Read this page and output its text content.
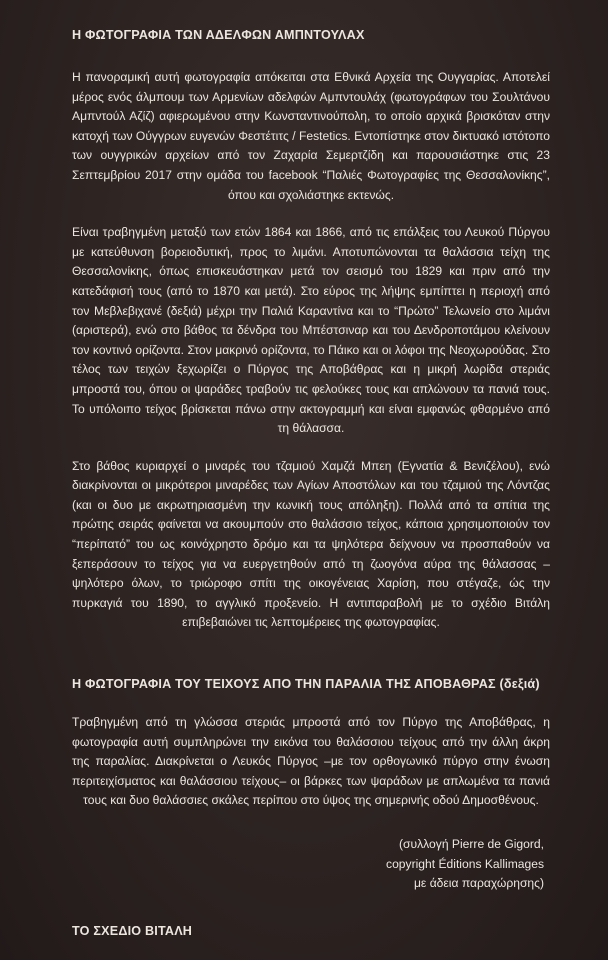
Η ΦΩΤΟΓΡΑΦΙΑ ΤΩΝ ΑΔΕΛΦΩΝ ΑΜΠΝΤΟΥΛΑΧ

Η πανοραμική αυτή φωτογραφία απόκειται στα Εθνικά Αρχεία της Ουγγαρίας. Αποτελεί μέρος ενός άλμπουμ των Αρμενίων αδελφών Αμπντουλάχ (φωτογράφων του Σουλτάνου Αμπντούλ Αζίζ) αφιερωμένου στην Κωνσταντινούπολη, το οποίο αρχικά βρισκόταν στην κατοχή των Ούγγρων ευγενών Φεστέτιτς / Festetics. Εντοπίστηκε στον δικτυακό ιστότοπο των ουγγρικών αρχείων από τον Ζαχαρία Σεμερτζίδη και παρουσιάστηκε στις 23 Σεπτεμβρίου 2017 στην ομάδα του facebook “Παλιές Φωτογραφίες της Θεσσαλονίκης”, όπου και σχολιάστηκε εκτενώς.

Είναι τραβηγμένη μεταξύ των ετών 1864 και 1866, από τις επάλξεις του Λευκού Πύργου με κατεύθυνση βορειοδυτική, προς το λιμάνι. Αποτυπώνονται τα θαλάσσια τείχη της Θεσσαλονίκης, όπως επισκευάστηκαν μετά τον σεισμό του 1829 και πριν από την κατεδάφισή τους (από το 1870 και μετά). Στο εύρος της λήψης εμπίπτει η περιοχή από τον Μεβλεβιχανέ (δεξιά) μέχρι την Παλιά Καραντίνα και το “Πρώτο” Τελωνείο στο λιμάνι (αριστερά), ενώ στο βάθος τα δένδρα του Μπέστσιναρ και του Δενδροποτάμου κλείνουν τον κοντινό ορίζοντα. Στον μακρινό ορίζοντα, το Πάικο και οι λόφοι της Νεοχωρούδας. Στο τέλος των τειχών ξεχωρίζει ο Πύργος της Αποβάθρας και η μικρή λωρίδα στεριάς μπροστά του, όπου οι ψαράδες τραβούν τις φελούκες τους και απλώνουν τα πανιά τους. Το υπόλοιπο τείχος βρίσκεται πάνω στην ακτογραμμή και είναι εμφανώς φθαρμένο από τη θάλασσα.

Στο βάθος κυριαρχεί ο μιναρές του τζαμιού Χαμζά Μπεη (Εγνατία & Βενιζέλου), ενώ διακρίνονται οι μικρότεροι μιναρέδες των Αγίων Αποστόλων και του τζαμιού της Λόντζας (και οι δυο με ακρωτηριασμένη την κωνική τους απόληξη). Πολλά από τα σπίτια της πρώτης σειράς φαίνεται να ακουμπούν στο θαλάσσιο τείχος, κάποια χρησιμοποιούν τον “περίπατό” του ως κοινόχρηστο δρόμο και τα ψηλότερα δείχνουν να προσπαθούν να ξεπεράσουν το τείχος για να ευεργετηθούν από τη ζωογόνα αύρα της θάλασσας – ψηλότερο όλων, το τριώροφο σπίτι της οικογένειας Χαρίση, που στέγαζε, ώς την πυρκαγιά του 1890, το αγγλικό προξενείο. Η αντιπαραβολή με το σχέδιο Βιτάλη επιβεβαιώνει τις λεπτομέρειες της φωτογραφίας.

Η ΦΩΤΟΓΡΑΦΙΑ ΤΟΥ ΤΕΙΧΟΥΣ ΑΠΟ ΤΗΝ ΠΑΡΑΛΙΑ ΤΗΣ ΑΠΟΒΑΘΡΑΣ (δεξιά)

Τραβηγμένη από τη γλώσσα στεριάς μπροστά από τον Πύργο της Αποβάθρας, η φωτογραφία αυτή συμπληρώνει την εικόνα του θαλάσσιου τείχους από την άλλη άκρη της παραλίας. Διακρίνεται ο Λευκός Πύργος –με τον ορθογωνικό πύργο στην ένωση περιτειχίσματος και θαλάσσιου τείχους– οι βάρκες των ψαράδων με απλωμένα τα πανιά τους και δυο θαλάσσιες σκάλες περίπου στο ύψος της σημερινής οδού Δημοσθένους.

(συλλογή Pierre de Gigord,
copyright Éditions Kallimages
με άδεια παραχώρησης)
ΤΟ ΣΧΕΔΙΟ ΒΙΤΑΛΗ
